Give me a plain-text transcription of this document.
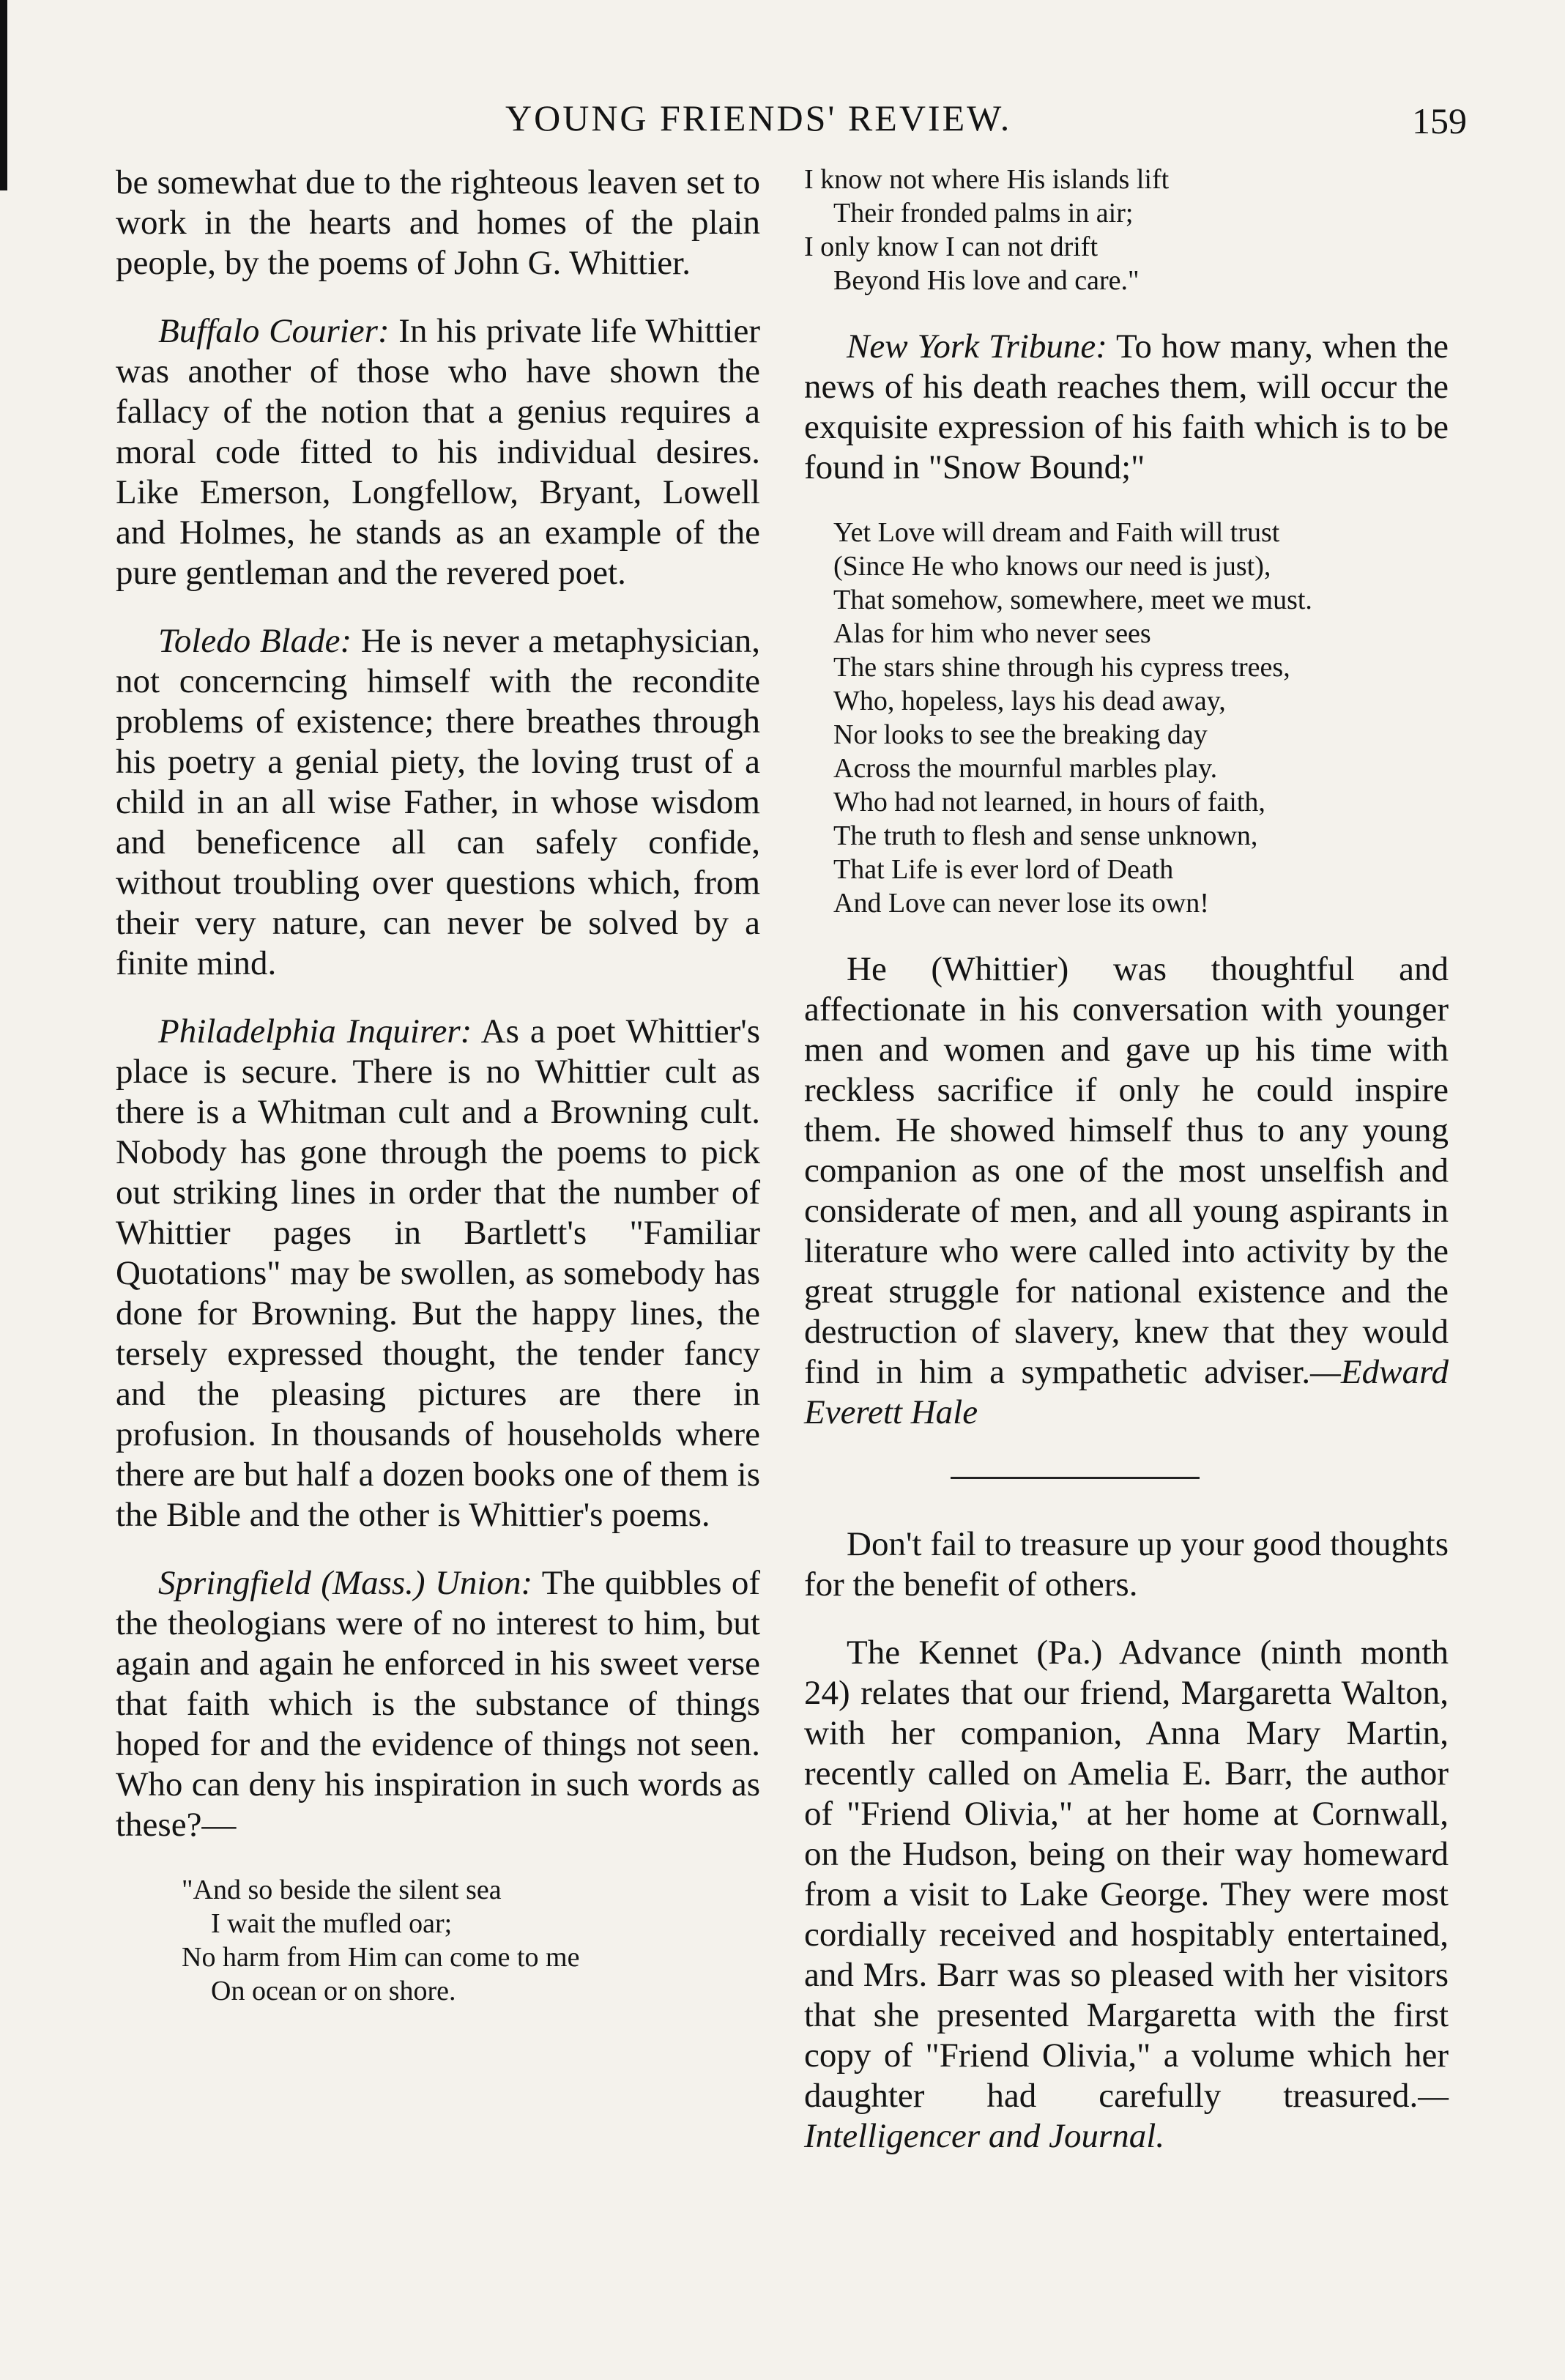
YOUNG FRIENDS' REVIEW.	159

be somewhat due to the righteous leaven set to work in the hearts and homes of the plain people, by the poems of John G. Whittier.

Buffalo Courier: In his private life Whittier was another of those who have shown the fallacy of the notion that a genius requires a moral code fitted to his individual desires. Like Emerson, Longfellow, Bryant, Lowell and Holmes, he stands as an example of the pure gentleman and the revered poet.

Toledo Blade: He is never a metaphysician, not concerncing himself with the recondite problems of existence; there breathes through his poetry a genial piety, the loving trust of a child in an all wise Father, in whose wisdom and beneficence all can safely confide, without troubling over questions which, from their very nature, can never be solved by a finite mind.

Philadelphia Inquirer: As a poet Whittier's place is secure. There is no Whittier cult as there is a Whitman cult and a Browning cult. Nobody has gone through the poems to pick out striking lines in order that the number of Whittier pages in Bartlett's "Familiar Quotations" may be swollen, as somebody has done for Browning. But the happy lines, the tersely expressed thought, the tender fancy and the pleasing pictures are there in profusion. In thousands of households where there are but half a dozen books one of them is the Bible and the other is Whittier's poems.

Springfield (Mass.) Union: The quibbles of the theologians were of no interest to him, but again and again he enforced in his sweet verse that faith which is the substance of things hoped for and the evidence of things not seen. Who can deny his inspiration in such words as these?—

"And so beside the silent sea
I wait the mufled oar;
No harm from Him can come to me
On ocean or on shore.
I know not where His islands lift
Their fronded palms in air;
I only know I can not drift
Beyond His love and care."

New York Tribune: To how many, when the news of his death reaches them, will occur the exquisite expression of his faith which is to be found in "Snow Bound;"

Yet Love will dream and Faith will trust
(Since He who knows our need is just),
That somehow, somewhere, meet we must.
Alas for him who never sees
The stars shine through his cypress trees,
Who, hopeless, lays his dead away,
Nor looks to see the breaking day
Across the mournful marbles play.
Who had not learned, in hours of faith,
The truth to flesh and sense unknown,
That Life is ever lord of Death
And Love can never lose its own!

He (Whittier) was thoughtful and affectionate in his conversation with younger men and women and gave up his time with reckless sacrifice if only he could inspire them. He showed himself thus to any young companion as one of the most unselfish and considerate of men, and all young aspirants in literature who were called into activity by the great struggle for national existence and the destruction of slavery, knew that they would find in him a sympathetic adviser.—Edward Everett Hale

Don't fail to treasure up your good thoughts for the benefit of others.

The Kennet (Pa.) Advance (ninth month 24) relates that our friend, Margaretta Walton, with her companion, Anna Mary Martin, recently called on Amelia E. Barr, the author of "Friend Olivia," at her home at Cornwall, on the Hudson, being on their way homeward from a visit to Lake George. They were most cordially received and hospitably entertained, and Mrs. Barr was so pleased with her visitors that she presented Margaretta with the first copy of "Friend Olivia," a volume which her daughter had carefully treasured.—Intelligencer and Journal.
